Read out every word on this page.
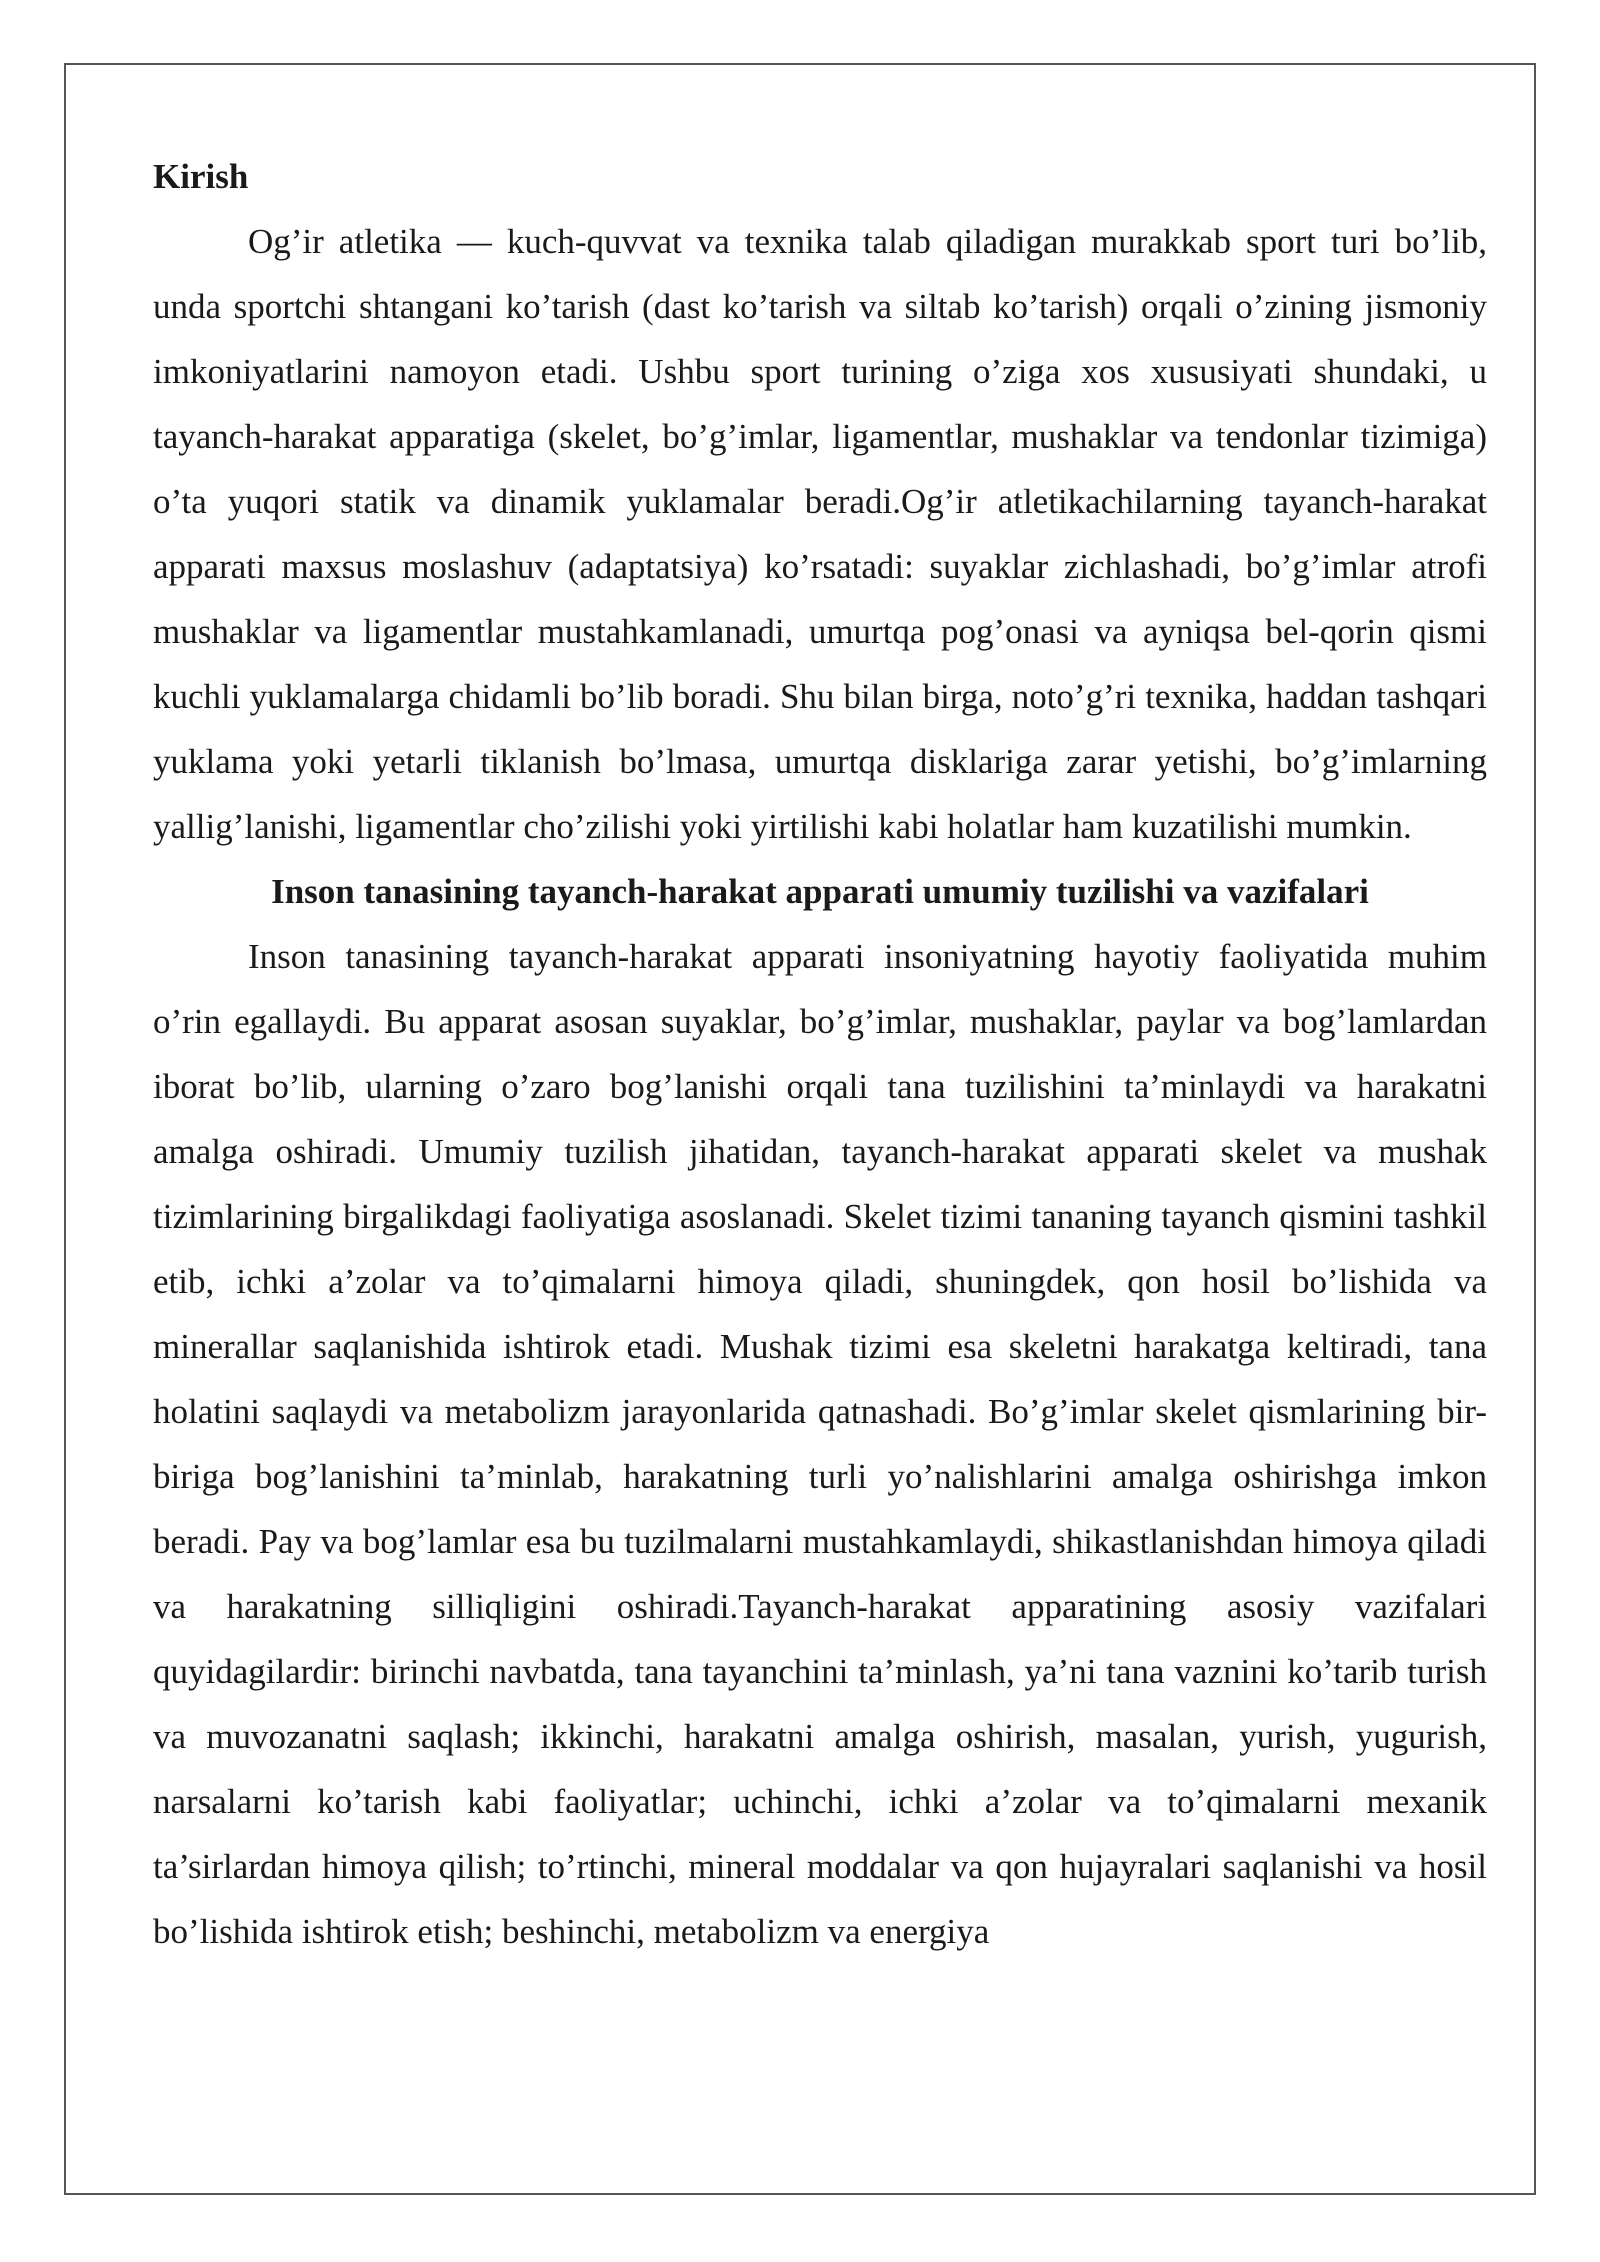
Kirish

Og’ir atletika — kuch-quvvat va texnika talab qiladigan murakkab sport turi bo’lib, unda sportchi shtangani ko’tarish (dast ko’tarish va siltab ko’tarish) orqali o’zining jismoniy imkoniyatlarini namoyon etadi. Ushbu sport turining o’ziga xos xususiyati shundaki, u tayanch-harakat apparatiga (skelet, bo’g’imlar, ligamentlar, mushaklar va tendonlar tizimiga) o’ta yuqori statik va dinamik yuklamalar beradi.Og’ir atletikachilarning tayanch-harakat apparati maxsus moslashuv (adaptatsiya) ko’rsatadi: suyaklar zichlashadi, bo’g’imlar atrofi mushaklar va ligamentlar mustahkamlanadi, umurtqa pog’onasi va ayniqsa bel-qorin qismi kuchli yuklamalarga chidamli bo’lib boradi. Shu bilan birga, noto’g’ri texnika, haddan tashqari yuklama yoki yetarli tiklanish bo’lmasa, umurtqa disklariga zarar yetishi, bo’g’imlarning yallig’lanishi, ligamentlar cho’zilishi yoki yirtilishi kabi holatlar ham kuzatilishi mumkin.

Inson tanasining tayanch-harakat apparati umumiy tuzilishi va vazifalari

Inson tanasining tayanch-harakat apparati insoniyatning hayotiy faoliyatida muhim o’rin egallaydi. Bu apparat asosan suyaklar, bo’g’imlar, mushaklar, paylar va bog’lamlardan iborat bo’lib, ularning o’zaro bog’lanishi orqali tana tuzilishini ta’minlaydi va harakatni amalga oshiradi. Umumiy tuzilish jihatidan, tayanch-harakat apparati skelet va mushak tizimlarining birgalikdagi faoliyatiga asoslanadi. Skelet tizimi tananing tayanch qismini tashkil etib, ichki a’zolar va to’qimalarni himoya qiladi, shuningdek, qon hosil bo’lishida va minerallar saqlanishida ishtirok etadi. Mushak tizimi esa skeletni harakatga keltiradi, tana holatini saqlaydi va metabolizm jarayonlarida qatnashadi. Bo’g’imlar skelet qismlarining bir-biriga bog’lanishini ta’minlab, harakatning turli yo’nalishlarini amalga oshirishga imkon beradi. Pay va bog’lamlar esa bu tuzilmalarni mustahkamlaydi, shikastlanishdan himoya qiladi va harakatning silliqligini oshiradi.Tayanch-harakat apparatining asosiy vazifalari quyidagilardir: birinchi navbatda, tana tayanchini ta’minlash, ya’ni tana vaznini ko’tarib turish va muvozanatni saqlash; ikkinchi, harakatni amalga oshirish, masalan, yurish, yugurish, narsalarni ko’tarish kabi faoliyatlar; uchinchi, ichki a’zolar va to’qimalarni mexanik ta’sirlardan himoya qilish; to’rtinchi, mineral moddalar va qon hujayralari saqlanishi va hosil bo’lishida ishtirok etish; beshinchi, metabolizm va energiya
